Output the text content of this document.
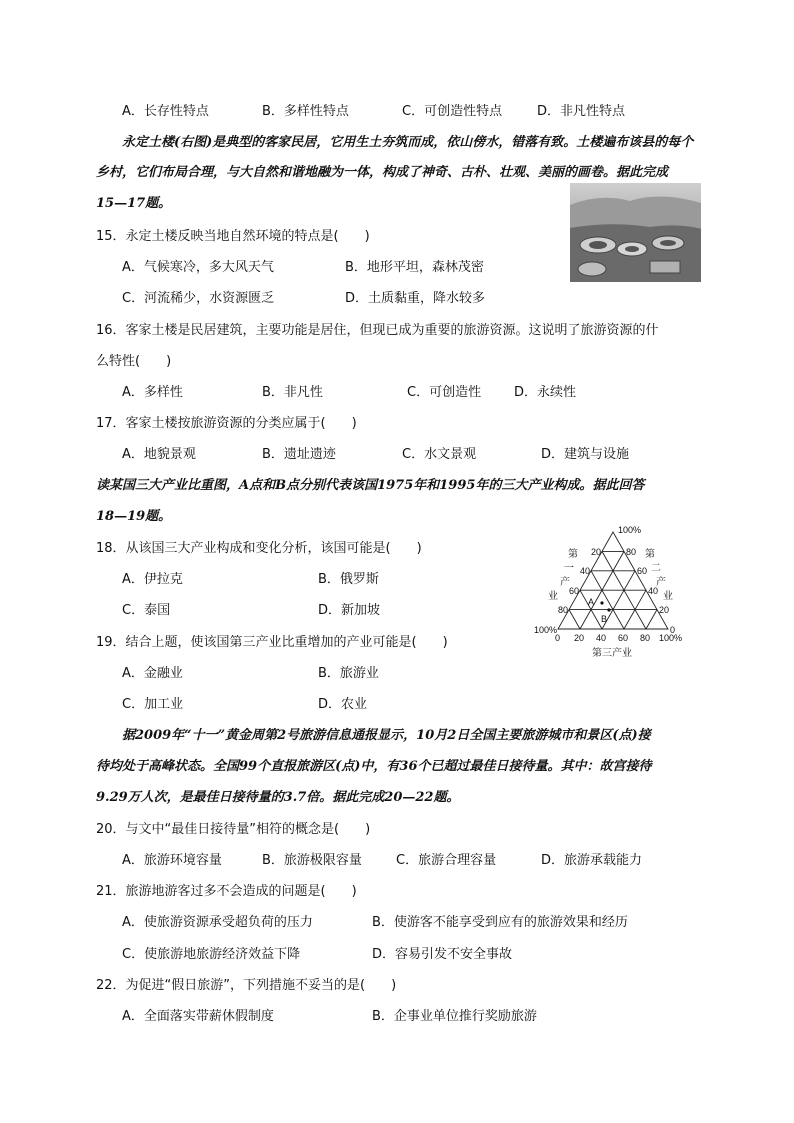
A．长存性特点	B．多样性特点	C．可创造性特点	D．非凡性特点
永定土楼(右图)是典型的客家民居，它用生土夯筑而成，依山傍水，错落有致。土楼遍布该县的每个
乡村，它们布局合理，与大自然和谐地融为一体，构成了神奇、古朴、壮观、美丽的画卷。据此完成
15—17题。
15．永定土楼反映当地自然环境的特点是(　　)
A．气候寒冷，多大风天气	B．地形平坦，森林茂密
C．河流稀少，水资源匮乏	D．土质黏重，降水较多
16．客家土楼是民居建筑，主要功能是居住，但现已成为重要的旅游资源。这说明了旅游资源的什
么特性(　　)
A．多样性	B．非凡性	C．可创造性	D．永续性
17．客家土楼按旅游资源的分类应属于(　　)
A．地貌景观	B．遗址遗迹	C．水文景观	D．建筑与设施
读某国三大产业比重图，A点和B点分别代表该国1975年和1995年的三大产业构成。据此回答
18—19题。
18．从该国三大产业构成和变化分析，该国可能是(　　)
A．伊拉克	B．俄罗斯
C．泰国	D．新加坡
100%
20
40
60
80
100%
80
60
40
20
0
0 20 40 60 80 100%
第
一
产
业
第
二
产
业
A
B
第三产业
19．结合上题，使该国第三产业比重增加的产业可能是(　　)
A．金融业	B．旅游业
C．加工业	D．农业
据2009年“十一”黄金周第2号旅游信息通报显示，10月2日全国主要旅游城市和景区(点)接
待均处于高峰状态。全国99个直报旅游区(点)中，有36个已超过最佳日接待量。其中：故宫接待
9.29万人次，是最佳日接待量的3.7倍。据此完成20—22题。
20．与文中“最佳日接待量”相符的概念是(　　)
A．旅游环境容量	B．旅游极限容量	C．旅游合理容量	D．旅游承载能力
21．旅游地游客过多不会造成的问题是(　　)
A．使旅游资源承受超负荷的压力	B．使游客不能享受到应有的旅游效果和经历
C．使旅游地旅游经济效益下降	D．容易引发不安全事故
22．为促进“假日旅游”，下列措施不妥当的是(　　)
A．全面落实带薪休假制度	B．企事业单位推行奖励旅游
